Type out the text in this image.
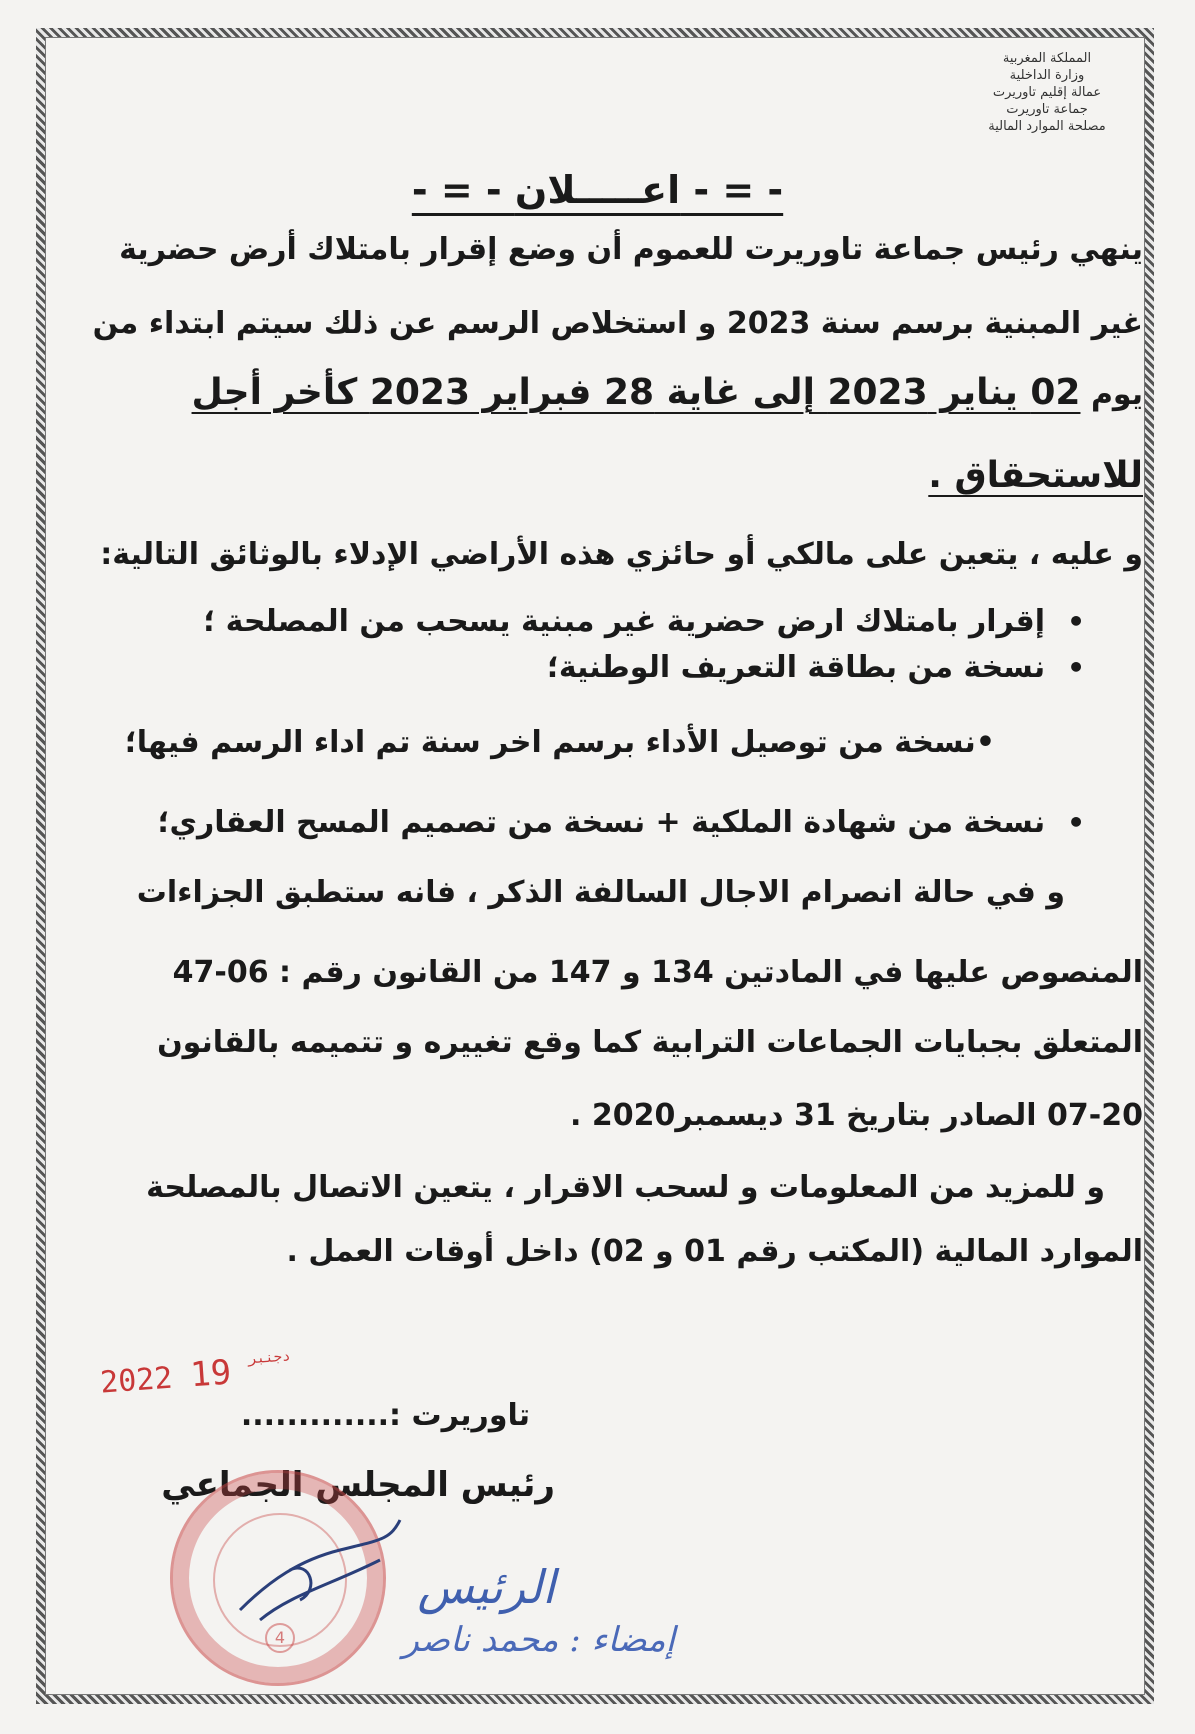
المملكة المغربية
وزارة الداخلية
عمالة إقليم تاوريرت
جماعة تاوريرت
مصلحة الموارد المالية
- = - اعـــــلان - = -
ينهي رئيس جماعة تاوريرت للعموم أن وضع إقرار بامتلاك أرض حضرية
غير المبنية برسم سنة 2023 و استخلاص الرسم عن ذلك سيتم ابتداء من
يوم 02 يناير 2023 إلى غاية 28 فبراير 2023 كأخر أجل
للاستحقاق .
و عليه ، يتعين على مالكي أو حائزي هذه الأراضي الإدلاء بالوثائق التالية:
• إقرار بامتلاك ارض حضرية غير مبنية يسحب من المصلحة ؛
• نسخة من بطاقة التعريف الوطنية؛
•نسخة من توصيل الأداء برسم اخر سنة تم اداء الرسم فيها؛
• نسخة من شهادة الملكية + نسخة من تصميم المسح العقاري؛
و في حالة انصرام الاجال السالفة الذكر ، فانه ستطبق الجزاءات
المنصوص عليها في المادتين 134 و 147 من القانون رقم : 06-47
المتعلق بجبايات الجماعات الترابية كما وقع تغييره و تتميمه بالقانون
07-20 الصادر بتاريخ 31 ديسمبر2020 .
و للمزيد من المعلومات و لسحب الاقرار ، يتعين الاتصال بالمصلحة
الموارد المالية (المكتب رقم 01 و 02) داخل أوقات العمل .
2022 $^{دجنبر}$ 19
تاوريرت :.............
رئيس المجلس الجماعي
4
الرئيس
إمضاء : محمد ناصر
